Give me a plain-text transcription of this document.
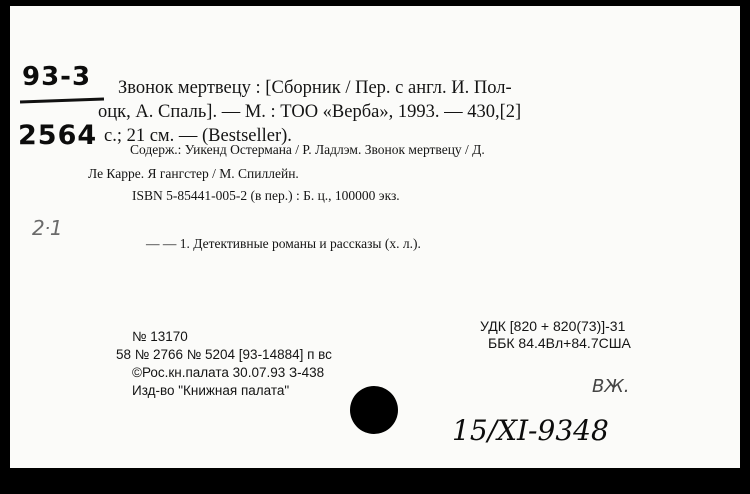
93-3
2564
Звонок мертвецу : [Сборник / Пер. с англ. И. Пол-
оцк, А. Спаль]. — М. : ТОО «Верба», 1993. — 430,[2]
с.; 21 см. — (Bestseller).
Содерж.: Уикенд Остермана / Р. Ладлэм. Звонок мертвецу / Д.
Ле Карре. Я гангстер / М. Спиллейн.
ISBN 5-85441-005-2 (в пер.) : Б. ц., 100000 экз.
2ᐧ1
— — 1. Детективные романы и рассказы (х. л.).
№ 13170
58 № 2766 № 5204 [93-14884] п вс
©Рос.кн.палата 30.07.93 З-438
Изд-во "Книжная палата"
УДК [820 + 820(73)]-31
ББК 84.4Вл+84.7США
ВЖ.
15/XI-9348
